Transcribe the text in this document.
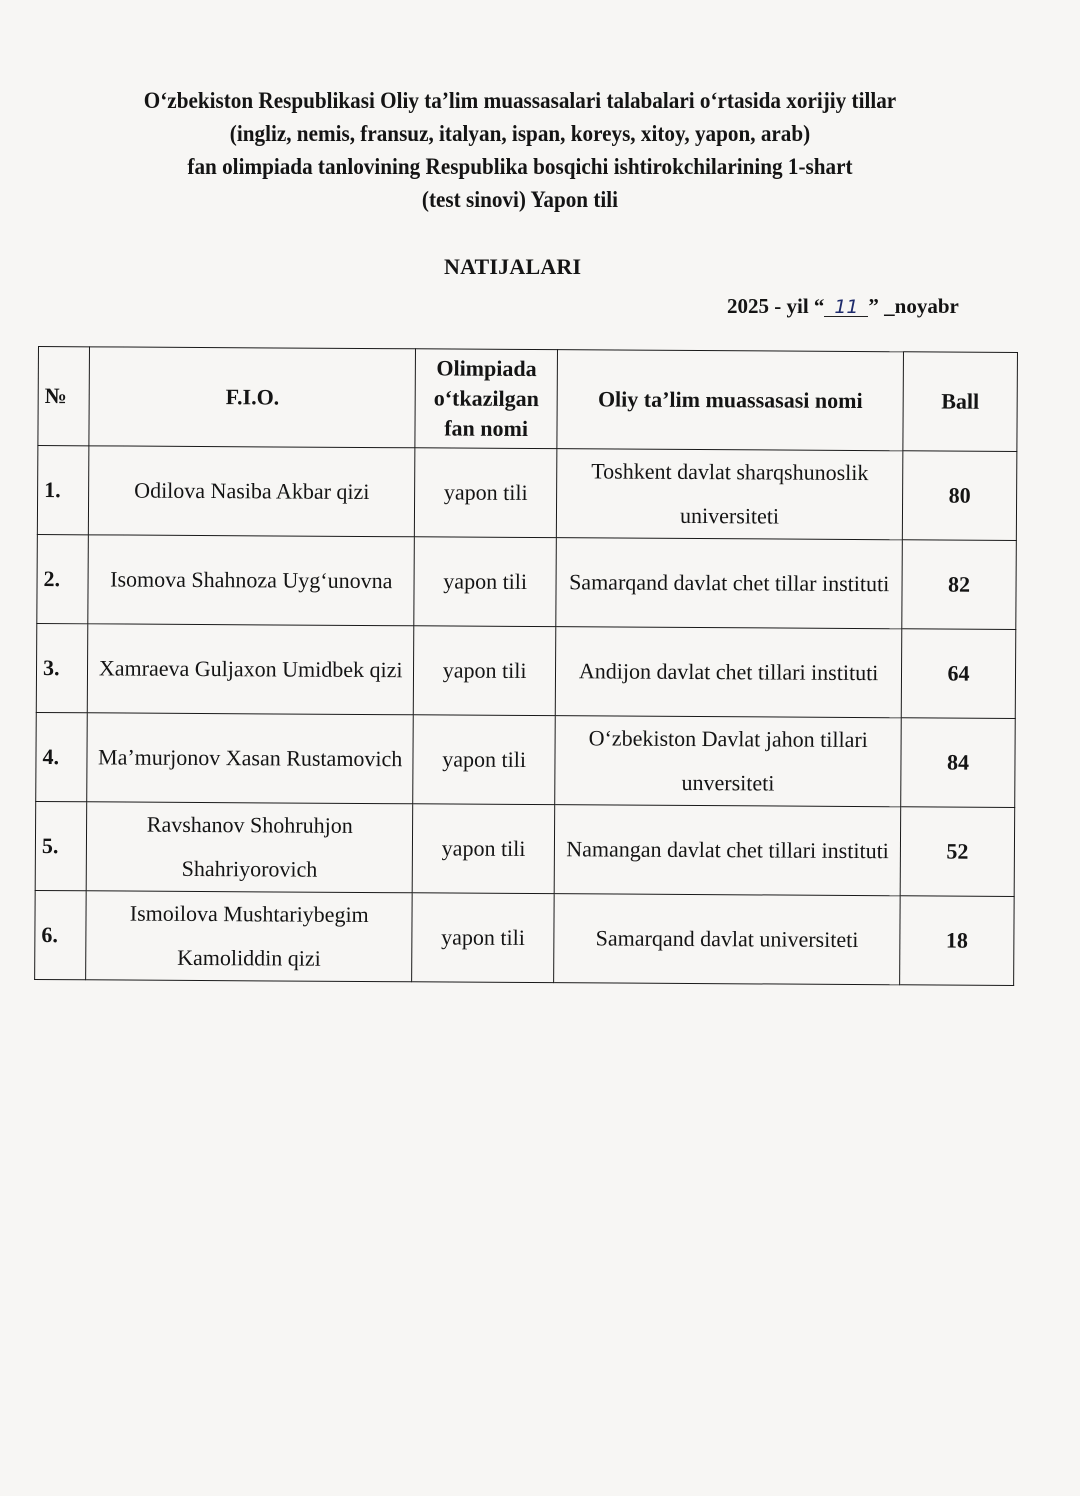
O‘zbekiston Respublikasi Oliy ta’lim muassasalari talabalari o‘rtasida xorijiy tillar
(ingliz, nemis, fransuz, italyan, ispan, koreys, xitoy, yapon, arab)
fan olimpiada tanlovining Respublika bosqichi ishtirokchilarining 1-shart
(test sinovi) Yapon tili
NATIJALARI
2025 - yil “ 11 ” _noyabr
№	F.I.O.	Olimpiada o‘tkazilgan fan nomi	Oliy ta’lim muassasasi nomi	Ball
1.	Odilova Nasiba Akbar qizi	yapon tili	Toshkent davlat sharqshunoslik universiteti	80
2.	Isomova Shahnoza Uyg‘unovna	yapon tili	Samarqand davlat chet tillar instituti	82
3.	Xamraeva Guljaxon Umidbek qizi	yapon tili	Andijon davlat chet tillari instituti	64
4.	Ma’murjonov Xasan Rustamovich	yapon tili	O‘zbekiston Davlat jahon tillari unversiteti	84
5.	Ravshanov Shohruhjon Shahriyorovich	yapon tili	Namangan davlat chet tillari instituti	52
6.	Ismoilova Mushtariybegim Kamoliddin qizi	yapon tili	Samarqand davlat universiteti	18
